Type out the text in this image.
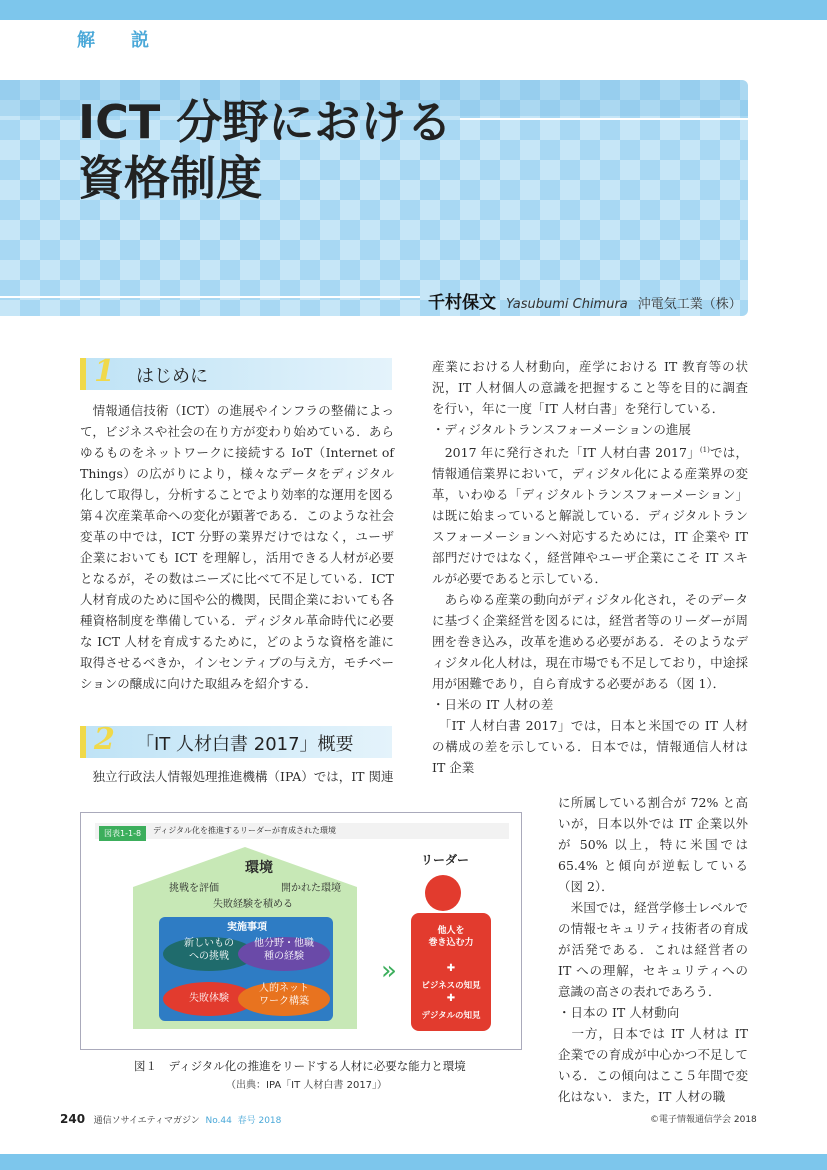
解　説
ICT 分野における
資格制度
千村保文 Yasubumi Chimura 沖電気工業（株）
1 はじめに
　情報通信技術（ICT）の進展やインフラの整備によって，ビジネスや社会の在り方が変わり始めている．あらゆるものをネットワークに接続する IoT（Internet of Things）の広がりにより，様々なデータをディジタル化して取得し，分析することでより効率的な運用を図る第４次産業革命への変化が顕著である．このような社会変革の中では，ICT 分野の業界だけではなく，ユーザ企業においても ICT を理解し，活用できる人材が必要となるが，その数はニーズに比べて不足している．ICT 人材育成のために国や公的機関，民間企業においても各種資格制度を準備している．ディジタル革命時代に必要な ICT 人材を育成するために，どのような資格を誰に取得させるべきか，インセンティブの与え方，モチベーションの醸成に向けた取組みを紹介する．
2 「IT 人材白書 2017」概要
　独立行政法人情報処理推進機構（IPA）では，IT 関連
産業における人材動向，産学における IT 教育等の状況，IT 人材個人の意識を把握すること等を目的に調査を行い，年に一度「IT 人材白書」を発行している．
・ディジタルトランスフォーメーションの進展
　2017 年に発行された「IT 人材白書 2017」$^{(1)}$では，情報通信業界において，ディジタル化による産業界の変革，いわゆる「ディジタルトランスフォーメーション」は既に始まっていると解説している．ディジタルトランスフォーメーションへ対応するためには，IT 企業や IT 部門だけではなく，経営陣やユーザ企業にこそ IT スキルが必要であると示している．
　あらゆる産業の動向がディジタル化され，そのデータに基づく企業経営を図るには，経営者等のリーダーが周囲を巻き込み，改革を進める必要がある．そのようなディジタル化人材は，現在市場でも不足しており，中途採用が困難であり，自ら育成する必要がある（図 1）．
・日米の IT 人材の差
　「IT 人材白書 2017」では，日本と米国での IT 人材の構成の差を示している．日本では，情報通信人材は IT 企業
に所属している割合が 72% と高いが，日本以外では IT 企業以外が 50% 以上，特に米国では 65.4% と傾向が逆転している（図 2）．
　米国では，経営学修士レベルでの情報セキュリティ技術者の育成が活発である．これは経営者の IT への理解，セキュリティへの意識の高さの表れであろう．
・日本の IT 人材動向
　一方，日本では IT 人材は IT 企業での育成が中心かつ不足している．この傾向はここ５年間で変化はない．また，IT 人材の職
図表1-1-8	ディジタル化を推進するリーダーが育成された環境
»
環境
挑戦を評価	開かれた環境
失敗経験を積める
実施事項
新しいもの
への挑戦
他分野・他職
種の経験
失敗体験
人的ネット
ワーク構築
リーダー
他人を
巻き込む力
✚
ビジネスの知見
✚
デジタルの知見
図１　ディジタル化の推進をリードする人材に必要な能力と環境
（出典：IPA「IT 人材白書 2017」）
240 通信ソサイエティマガジン No.44 春号 2018	©電子情報通信学会 2018
